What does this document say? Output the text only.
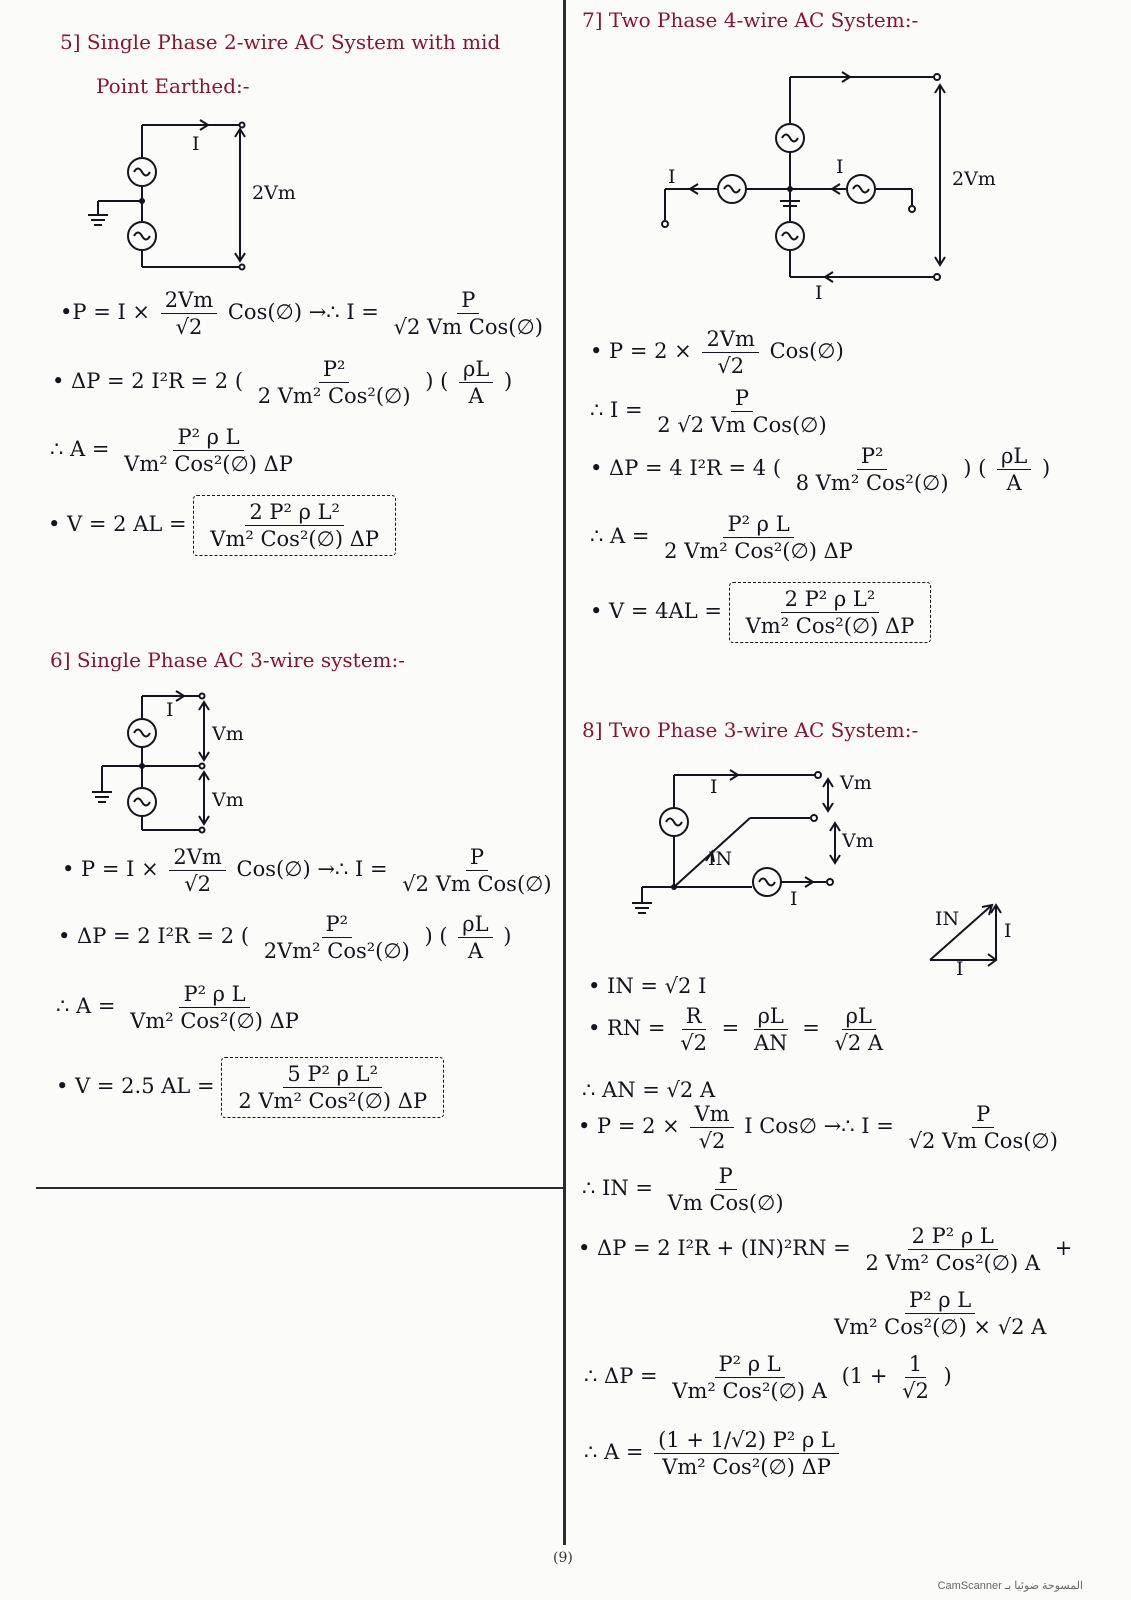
5] Single Phase 2-wire AC System with mid
Point Earthed:-
I
2Vm
•P = $I \times \frac{2Vm}{√2}$ Cos(∅) →∴ $I = \frac{P}{\text{√2 Vm Cos(∅)}}$
• ΔP = 2 I²R = 2 ( $\frac{\text{P²}}{\text{2 Vm² Cos²(∅)}}$ ) ( $\frac{\rho L}{A}$ )
∴ $A = \frac{\text{P² ρ L}}{\text{Vm² Cos²(∅) ΔP}}$
• V = 2 AL = $\frac{\text{2 P² ρ L²}}{\text{Vm² Cos²(∅) ΔP}}$
6] Single Phase AC 3-wire system:-
I
Vm
Vm
• $P = I \times \frac{2Vm}{√2}$ Cos(∅) →∴ $I = \frac{P}{\text{√2 Vm Cos(∅)}}$
• ΔP = 2 I²R = 2 ( $\frac{\text{P²}}{\text{2Vm² Cos²(∅)}}$ ) ( $\frac{\rho L}{A}$ )
∴ $A = \frac{\text{P² ρ L}}{\text{Vm² Cos²(∅) ΔP}}$
• V = 2.5 AL = $\frac{\text{5 P² ρ L²}}{\text{2 Vm² Cos²(∅) ΔP}}$
7] Two Phase 4-wire AC System:-
I	I
I
2Vm
• $P = 2 \times \frac{2Vm}{√2}$ Cos(∅)
∴ $I = \frac{P}{\text{2 √2 Vm Cos(∅)}}$
• ΔP = 4 I²R = 4 ( $\frac{\text{P²}}{\text{8 Vm² Cos²(∅)}}$ ) ( $\frac{\rho L}{A}$ )
∴ $A = \frac{\text{P² ρ L}}{\text{2 Vm² Cos²(∅) ΔP}}$
• $V = 4AL = \frac{\text{2 P² ρ L²}}{\text{Vm² Cos²(∅) ΔP}}$
8] Two Phase 3-wire AC System:-
I
IN
I
Vm
Vm
IN
I
I
• IN = √2 I
• RN = $\frac{R}{√2} = \frac{\rho L}{AN} = \frac{\rho L}{√2 A}$
∴ AN = √2 A
• $P = 2 \times \frac{Vm}{√2}$ I Cos∅ →∴ $I = \frac{P}{\text{√2 Vm Cos(∅)}}$
∴ IN = $\frac{P}{\text{Vm Cos(∅)}}$
• ΔP = 2 $I^2R + (IN)^2RN = \frac{\text{2 P² ρ L}}{\text{2 Vm² Cos²(∅) A}}$ +
$\frac{\text{P² ρ L}}{\text{Vm² Cos²(∅) × √2 A}}$
∴ $\Delta P = \frac{\text{P² ρ L}}{\text{Vm² Cos²(∅) A}} (1 + \frac{1}{√2}$ )
∴ $A = \frac{\text{(1 + 1/√2) P² ρ L}}{\text{Vm² Cos²(∅) ΔP}}$
(9)
CamScanner المسوحة ضوئيا بـ
